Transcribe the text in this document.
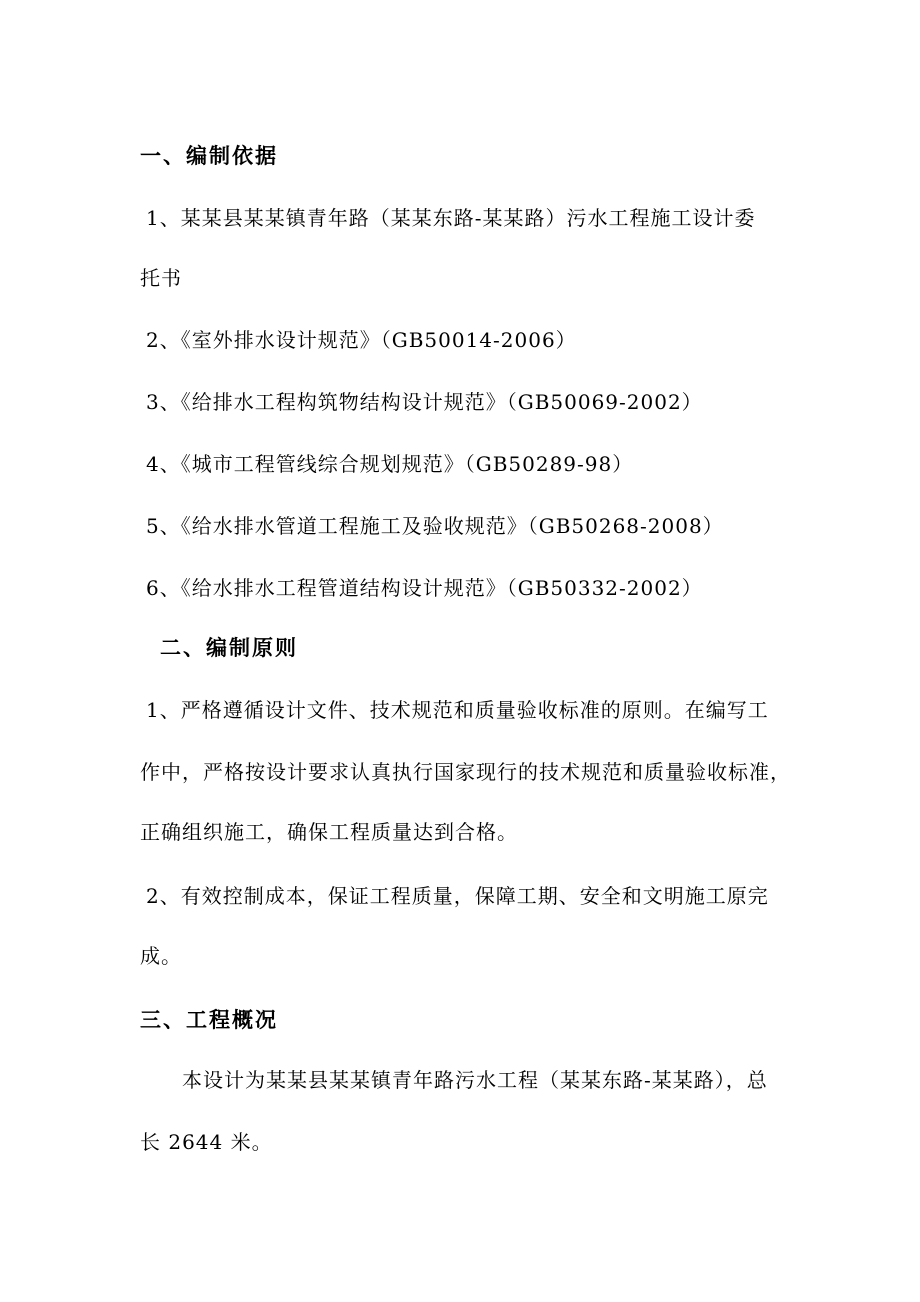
一、编制依据
1、某某县某某镇青年路（某某东路-某某路）污水工程施工设计委
托书
2、《室外排水设计规范》（GB50014-2006）
3、《给排水工程构筑物结构设计规范》（GB50069-2002）
4、《城市工程管线综合规划规范》（GB50289-98）
5、《给水排水管道工程施工及验收规范》（GB50268-2008）
6、《给水排水工程管道结构设计规范》（GB50332-2002）
二、编制原则
1、严格遵循设计文件、技术规范和质量验收标准的原则。在编写工
作中，严格按设计要求认真执行国家现行的技术规范和质量验收标准，
正确组织施工，确保工程质量达到合格。
2、有效控制成本，保证工程质量，保障工期、安全和文明施工原完
成。
三、工程概况
本设计为某某县某某镇青年路污水工程（某某东路-某某路），总
长 2644 米。
